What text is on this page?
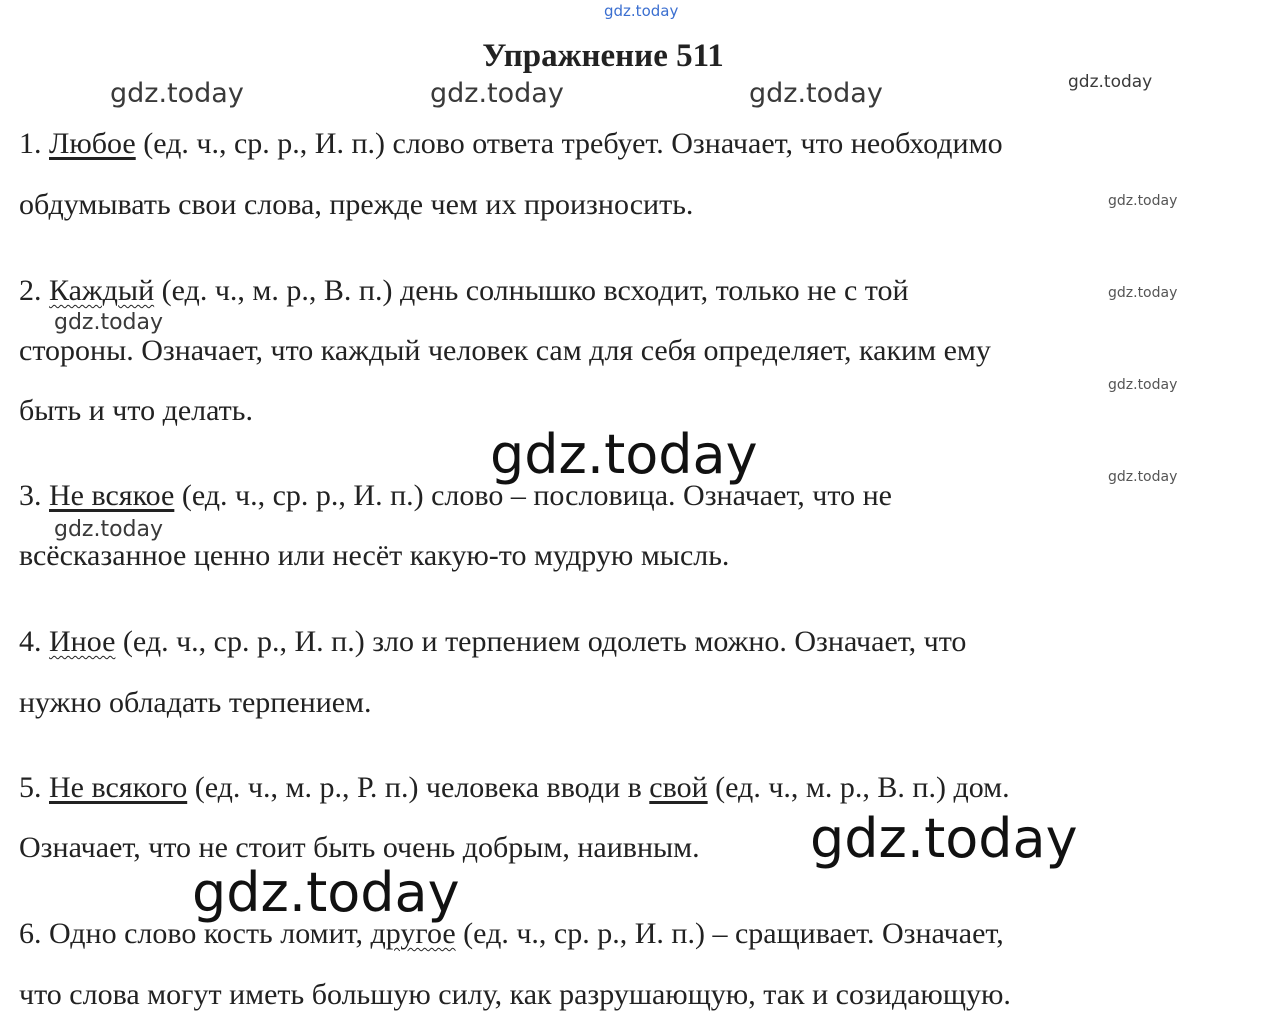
gdz.today
gdz.today	gdz.today	gdz.today	gdz.today
gdz.today
gdz.today
gdz.today
gdz.today
gdz.today	gdz.today
gdz.today
gdz.today
gdz.today
Упражнение 511

1. Любое (ед. ч., ср. р., И. п.) слово ответа требует. Означает, что необходимо

обдумывать свои слова, прежде чем их произносить.

2. Каждый (ед. ч., м. р., В. п.) день солнышко всходит, только не с той

стороны. Означает, что каждый человек сам для себя определяет, каким ему

быть и что делать.

3. Не всякое (ед. ч., ср. р., И. п.) слово – пословица. Означает, что не

всёсказанное ценно или несёт какую-то мудрую мысль.

4. Иное (ед. ч., ср. р., И. п.) зло и терпением одолеть можно. Означает, что

нужно обладать терпением.

5. Не всякого (ед. ч., м. р., Р. п.) человека вводи в свой (ед. ч., м. р., В. п.) дом.

Означает, что не стоит быть очень добрым, наивным.

6. Одно слово кость ломит, другое (ед. ч., ср. р., И. п.) – сращивает. Означает,

что слова могут иметь большую силу, как разрушающую, так и созидающую.
